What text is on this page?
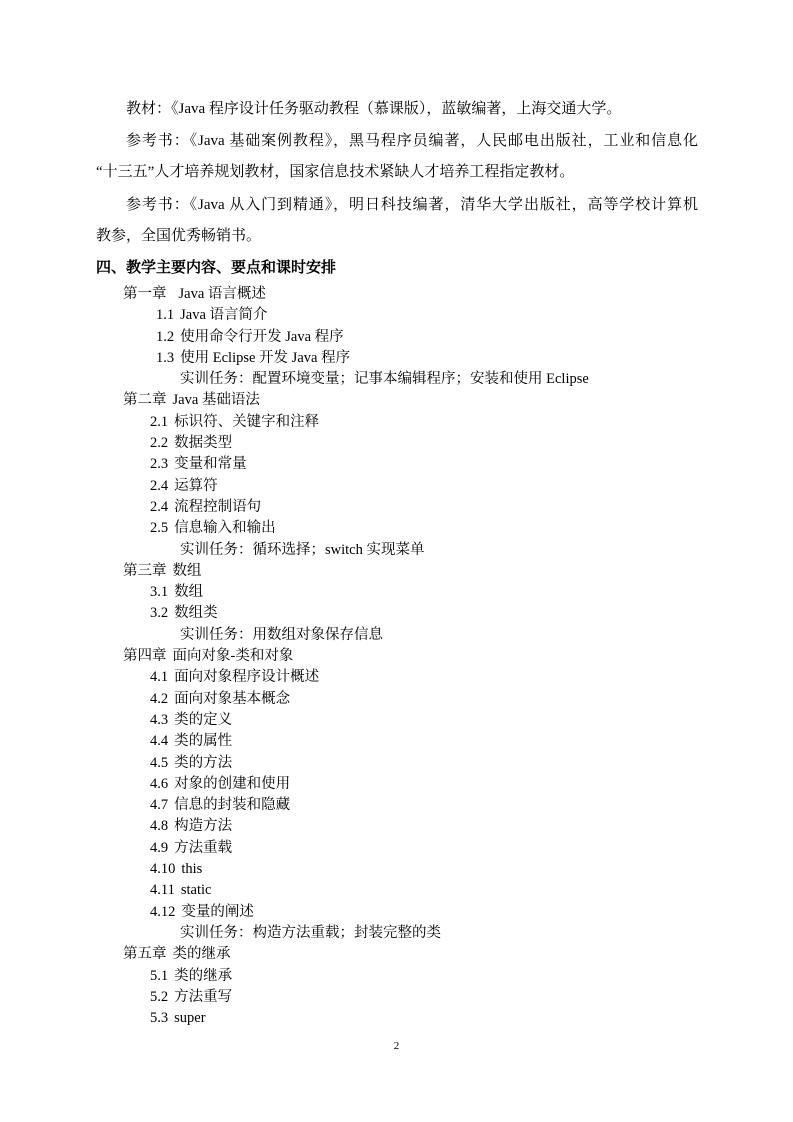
教材：《Java 程序设计任务驱动教程（慕课版），蓝敏编著，上海交通大学。
参考书：《Java 基础案例教程》，黑马程序员编著，人民邮电出版社，工业和信息化
“十三五”人才培养规划教材，国家信息技术紧缺人才培养工程指定教材。
参考书：《Java 从入门到精通》，明日科技编著，清华大学出版社，高等学校计算机
教参，全国优秀畅销书。
四、教学主要内容、要点和课时安排
第一章 Java 语言概述
1.1 Java 语言简介
1.2 使用命令行开发 Java 程序
1.3 使用 Eclipse 开发 Java 程序
实训任务：配置环境变量；记事本编辑程序；安装和使用 Eclipse
第二章 Java 基础语法
2.1 标识符、关键字和注释
2.2 数据类型
2.3 变量和常量
2.4 运算符
2.4 流程控制语句
2.5 信息输入和输出
实训任务：循环选择；switch 实现菜单
第三章 数组
3.1 数组
3.2 数组类
实训任务：用数组对象保存信息
第四章 面向对象-类和对象
4.1 面向对象程序设计概述
4.2 面向对象基本概念
4.3 类的定义
4.4 类的属性
4.5 类的方法
4.6 对象的创建和使用
4.7 信息的封装和隐藏
4.8 构造方法
4.9 方法重载
4.10 this
4.11 static
4.12 变量的阐述
实训任务：构造方法重载；封装完整的类
第五章 类的继承
5.1 类的继承
5.2 方法重写
5.3 super

2
